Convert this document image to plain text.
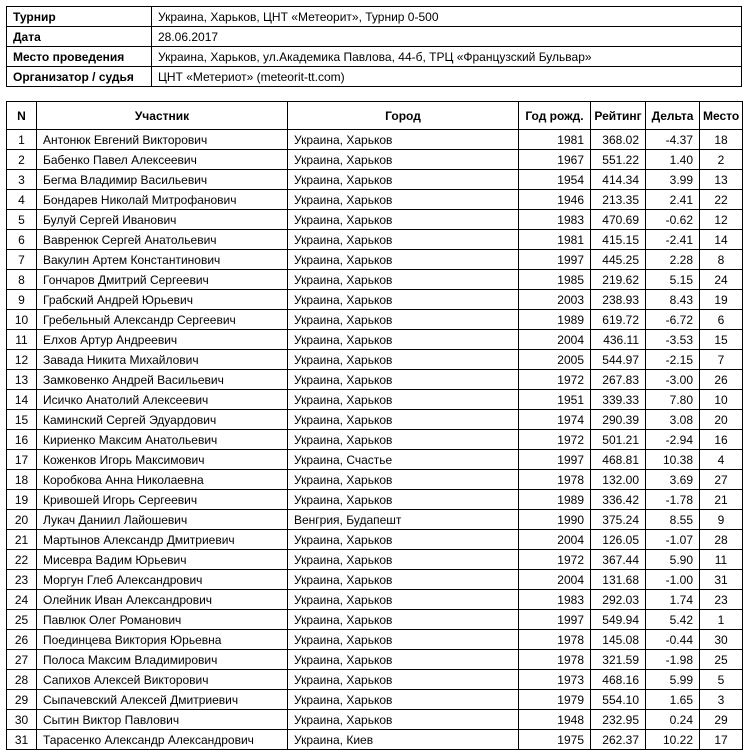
Турнир	Украина, Харьков, ЦНТ «Метеорит», Турнир 0-500
Дата	28.06.2017
Место проведения	Украина, Харьков, ул.Академика Павлова, 44-б, ТРЦ «Французский Бульвар»
Организатор / судья	ЦНТ «Метериот» (meteorit-tt.com)
N	Участник	Город	Год рожд.	Рейтинг	Дельта	Место
1	Антонюк Евгений Викторович	Украина, Харьков	1981	368.02	-4.37	18
2	Бабенко Павел Алексеевич	Украина, Харьков	1967	551.22	1.40	2
3	Бегма Владимир Васильевич	Украина, Харьков	1954	414.34	3.99	13
4	Бондарев Николай Митрофанович	Украина, Харьков	1946	213.35	2.41	22
5	Булуй Сергей Иванович	Украина, Харьков	1983	470.69	-0.62	12
6	Вавренюк Сергей Анатольевич	Украина, Харьков	1981	415.15	-2.41	14
7	Вакулин Артем Константинович	Украина, Харьков	1997	445.25	2.28	8
8	Гончаров Дмитрий Сергеевич	Украина, Харьков	1985	219.62	5.15	24
9	Грабский Андрей Юрьевич	Украина, Харьков	2003	238.93	8.43	19
10	Гребельный Александр Сергеевич	Украина, Харьков	1989	619.72	-6.72	6
11	Елхов Артур Андреевич	Украина, Харьков	2004	436.11	-3.53	15
12	Завада Никита Михайлович	Украина, Харьков	2005	544.97	-2.15	7
13	Замковенко Андрей Васильевич	Украина, Харьков	1972	267.83	-3.00	26
14	Исичко Анатолий Алексеевич	Украина, Харьков	1951	339.33	7.80	10
15	Каминский Сергей Эдуардович	Украина, Харьков	1974	290.39	3.08	20
16	Кириенко Максим Анатольевич	Украина, Харьков	1972	501.21	-2.94	16
17	Коженков Игорь Максимович	Украина, Счастье	1997	468.81	10.38	4
18	Коробкова Анна Николаевна	Украина, Харьков	1978	132.00	3.69	27
19	Кривошей Игорь Сергеевич	Украина, Харьков	1989	336.42	-1.78	21
20	Лукач Даниил Лайошевич	Венгрия, Будапешт	1990	375.24	8.55	9
21	Мартынов Александр Дмитриевич	Украина, Харьков	2004	126.05	-1.07	28
22	Мисевра Вадим Юрьевич	Украина, Харьков	1972	367.44	5.90	11
23	Моргун Глеб Александрович	Украина, Харьков	2004	131.68	-1.00	31
24	Олейник Иван Александрович	Украина, Харьков	1983	292.03	1.74	23
25	Павлюк Олег Романович	Украина, Харьков	1997	549.94	5.42	1
26	Поединцева Виктория Юрьевна	Украина, Харьков	1978	145.08	-0.44	30
27	Полоса Максим Владимирович	Украина, Харьков	1978	321.59	-1.98	25
28	Сапихов Алексей Викторович	Украина, Харьков	1973	468.16	5.99	5
29	Сыпачевский Алексей Дмитриевич	Украина, Харьков	1979	554.10	1.65	3
30	Сытин Виктор Павлович	Украина, Харьков	1948	232.95	0.24	29
31	Тарасенко Александр Александрович	Украина, Киев	1975	262.37	10.22	17
